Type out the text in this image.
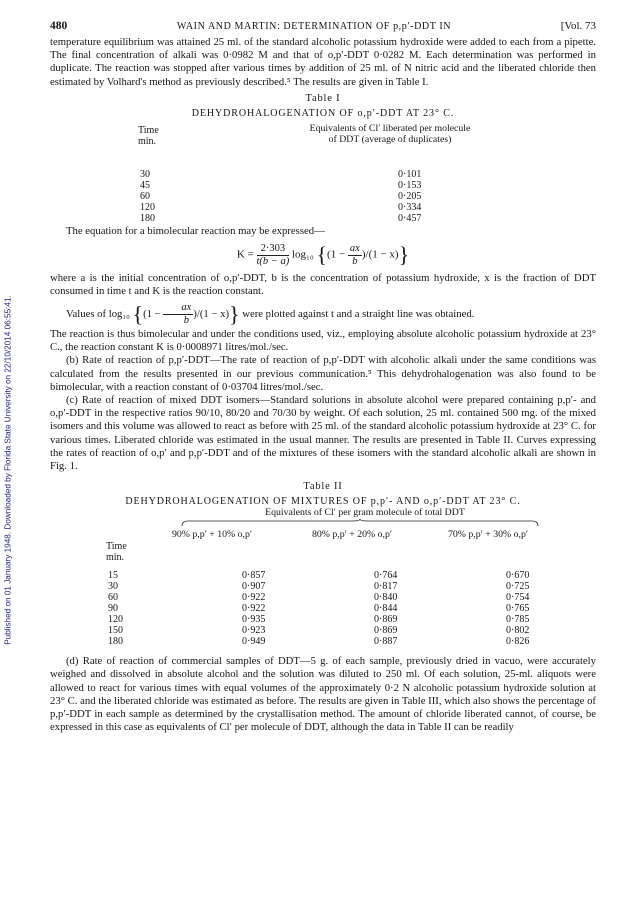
Published on 01 January 1948. Downloaded by Florida State University on 22/10/2014 06:55:41.
480	WAIN AND MARTIN: DETERMINATION OF p,p′-DDT IN	[Vol. 73

temperature equilibrium was attained 25 ml. of the standard alcoholic potassium hydroxide were added to each from a pipette. The final concentration of alkali was 0·0982 M and that of o,p′-DDT 0·0282 M. Each determination was performed in duplicate. The reaction was stopped after various times by addition of 25 ml. of N nitric acid and the liberated chloride then estimated by Volhard's method as previously described.⁵ The results are given in Table I.

Table I
DEHYDROHALOGENATION OF o,p′-DDT AT 23° C.
Time
min.
Equivalents of Cl′ liberated per molecule
of DDT (average of duplicates)
30	0·101
45	0·153
60	0·205
120	0·334
180	0·457

The equation for a bimolecular reaction may be expressed—

$K = \frac{2\cdot 303}{t(b - a)} \log_{10}$ $\{(1 - \frac{ax}{b} )/(1 - x)\}$

where a is the initial concentration of o,p′-DDT, b is the concentration of potassium hydroxide, x is the fraction of DDT consumed in time t and K is the reaction constant.

Values of log₁₀ $\{(1 - \frac{ax}{b} )/(1 - x)\}$ were plotted against t and a straight line was obtained.

The reaction is thus bimolecular and under the conditions used, viz., employing absolute alcoholic potassium hydroxide at 23° C., the reaction constant K is 0·0008971 litres/mol./sec.

(b) Rate of reaction of p,p′-DDT—The rate of reaction of p,p′-DDT with alcoholic alkali under the same conditions was calculated from the results presented in our previous communication.⁵ This dehydrohalogenation was also found to be bimolecular, with a reaction constant of 0·03704 litres/mol./sec.

(c) Rate of reaction of mixed DDT isomers—Standard solutions in absolute alcohol were prepared containing p,p′- and o,p′-DDT in the respective ratios 90/10, 80/20 and 70/30 by weight. Of each solution, 25 ml. contained 500 mg. of the mixed isomers and this volume was allowed to react as before with 25 ml. of the standard alcoholic potassium hydroxide at 23° C. for various times. Liberated chloride was estimated in the usual manner. The results are presented in Table II. Curves expressing the rates of reaction of o,p′ and p,p′-DDT and of the mixtures of these isomers with the standard alcoholic alkali are shown in Fig. 1.

Table II
DEHYDROHALOGENATION OF MIXTURES OF p,p′- AND o,p′-DDT AT 23° C.
Equivalents of Cl′ per gram molecule of total DDT
Time
min.
90% p,p′ + 10% o,p′	80% p,p′ + 20% o,p′	70% p,p′ + 30% o,p′
15	0·857	0·764	0·670
30	0·907	0·817	0·725
60	0·922	0·840	0·754
90	0·922	0·844	0·765
120	0·935	0·869	0·785
150	0·923	0·869	0·802
180	0·949	0·887	0·826

(d) Rate of reaction of commercial samples of DDT—5 g. of each sample, previously dried in vacuo, were accurately weighed and dissolved in absolute alcohol and the solution was diluted to 250 ml. Of each solution, 25-ml. aliquots were allowed to react for various times with equal volumes of the approximately 0·2 N alcoholic potassium hydroxide solution at 23° C. and the liberated chloride was estimated as before. The results are given in Table III, which also shows the percentage of p,p′-DDT in each sample as determined by the crystallisation method. The amount of chloride liberated cannot, of course, be expressed in this case as equivalents of Cl′ per molecule of DDT, although the data in Table II can be readily
